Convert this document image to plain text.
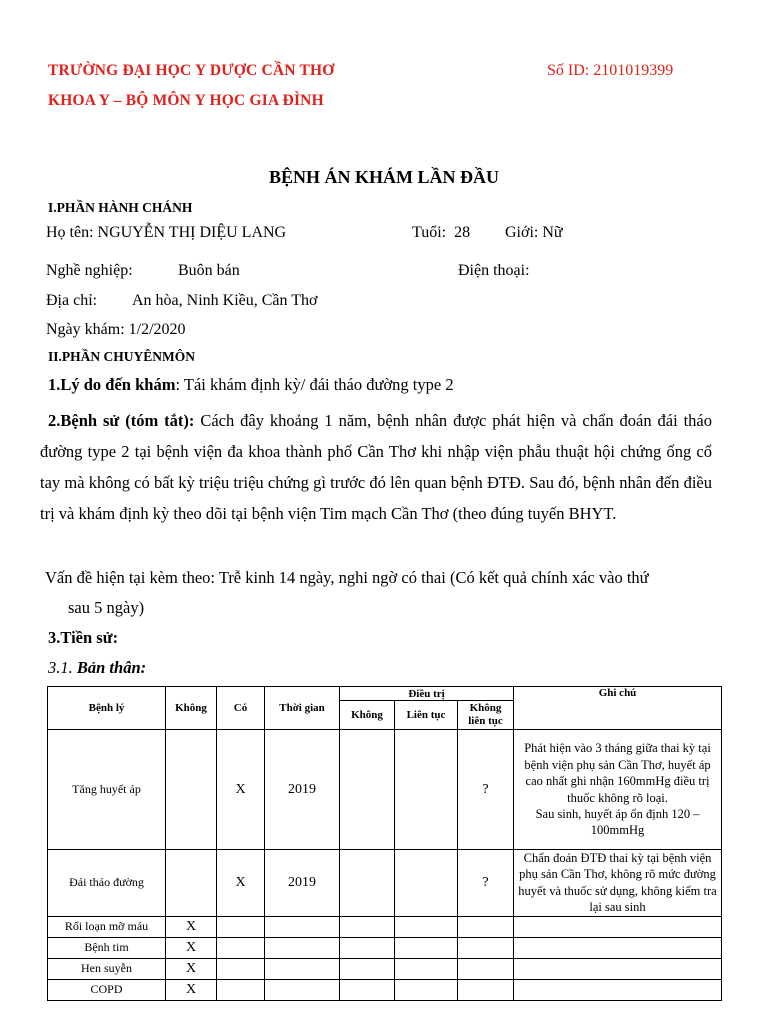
TRƯỜNG ĐẠI HỌC Y DƯỢC CẦN THƠ
KHOA Y – BỘ MÔN Y HỌC GIA ĐÌNH
Số ID: 2101019399
BỆNH ÁN KHÁM LẦN ĐẦU
I.PHẦN HÀNH CHÁNH
Họ tên: NGUYỄN THỊ DIỆU LANG	Tuổi: 28 Giới: Nữ
Nghề nghiệp:	Buôn bán	Điện thoại:
Địa chỉ: An hòa, Ninh Kiều, Cần Thơ
Ngày khám: 1/2/2020
II.PHẦN CHUYÊNMÔN
1.Lý do đến khám: Tái khám định kỳ/ đái tháo đường type 2
2.Bệnh sử (tóm tắt): Cách đây khoảng 1 năm, bệnh nhân được phát hiện và chẩn đoán đái tháo đường type 2 tại bệnh viện đa khoa thành phố Cần Thơ khi nhập viện phẫu thuật hội chứng ống cổ tay mà không có bất kỳ triệu triệu chứng gì trước đó lên quan bệnh ĐTĐ. Sau đó, bệnh nhân đến điều trị và khám định kỳ theo dõi tại bệnh viện Tim mạch Cần Thơ (theo đúng tuyến BHYT.
Vấn đề hiện tại kèm theo: Trễ kinh 14 ngày, nghi ngờ có thai (Có kết quả chính xác vào thứ
sau 5 ngày)
3.Tiền sử:
3.1. Bản thân:
Bệnh lý	Không	Có	Thời gian	Điều trị			Ghi chú
				Không	Liên tục	Không liên tục	
Tăng huyết áp		X	2019			?	Phát hiện vào 3 tháng giữa thai kỳ tại bệnh viện phụ sản Cần Thơ, huyết áp cao nhất ghi nhận 160mmHg điều trị thuốc không rõ loại.
Sau sinh, huyết áp ổn định 120 – 100mmHg

Đái tháo đường		X	2019			?	Chẩn đoán ĐTĐ thai kỳ tại bệnh viện phụ sản Cần Thơ, không rõ mức đường huyết và thuốc sử dụng, không kiểm tra lại sau sinh
Rối loạn mỡ máu	X						
Bệnh tim	X						
Hen suyễn	X						
COPD	X						
